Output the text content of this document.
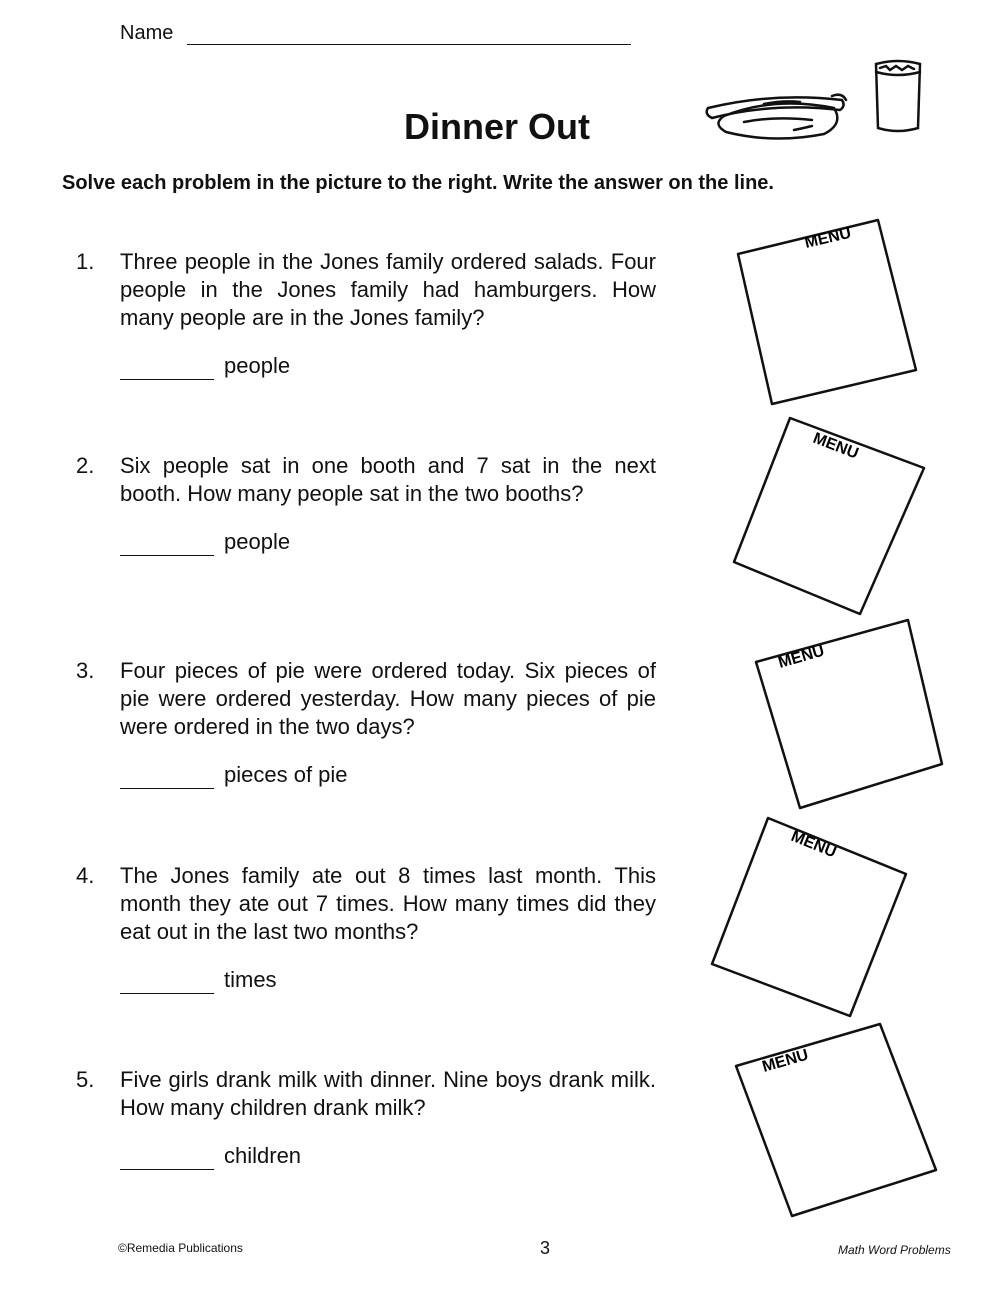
Name
Dinner Out

Solve each problem in the picture to the right. Write the answer on the line.

1. Three people in the Jones family ordered salads. Four people in the Jones family had hamburgers. How many people are in the Jones family?
people
2. Six people sat in one booth and 7 sat in the next booth. How many people sat in the two booths?
people
3. Four pieces of pie were ordered today. Six pieces of pie were ordered yesterday. How many pieces of pie were ordered in the two days?
pieces of pie
4. The Jones family ate out 8 times last month. This month they ate out 7 times. How many times did they eat out in the last two months?
times
5. Five girls drank milk with dinner. Nine boys drank milk. How many children drank milk?
children
MENU
MENU
MENU
MENU
MENU
©Remedia Publications	3	Math Word Problems
